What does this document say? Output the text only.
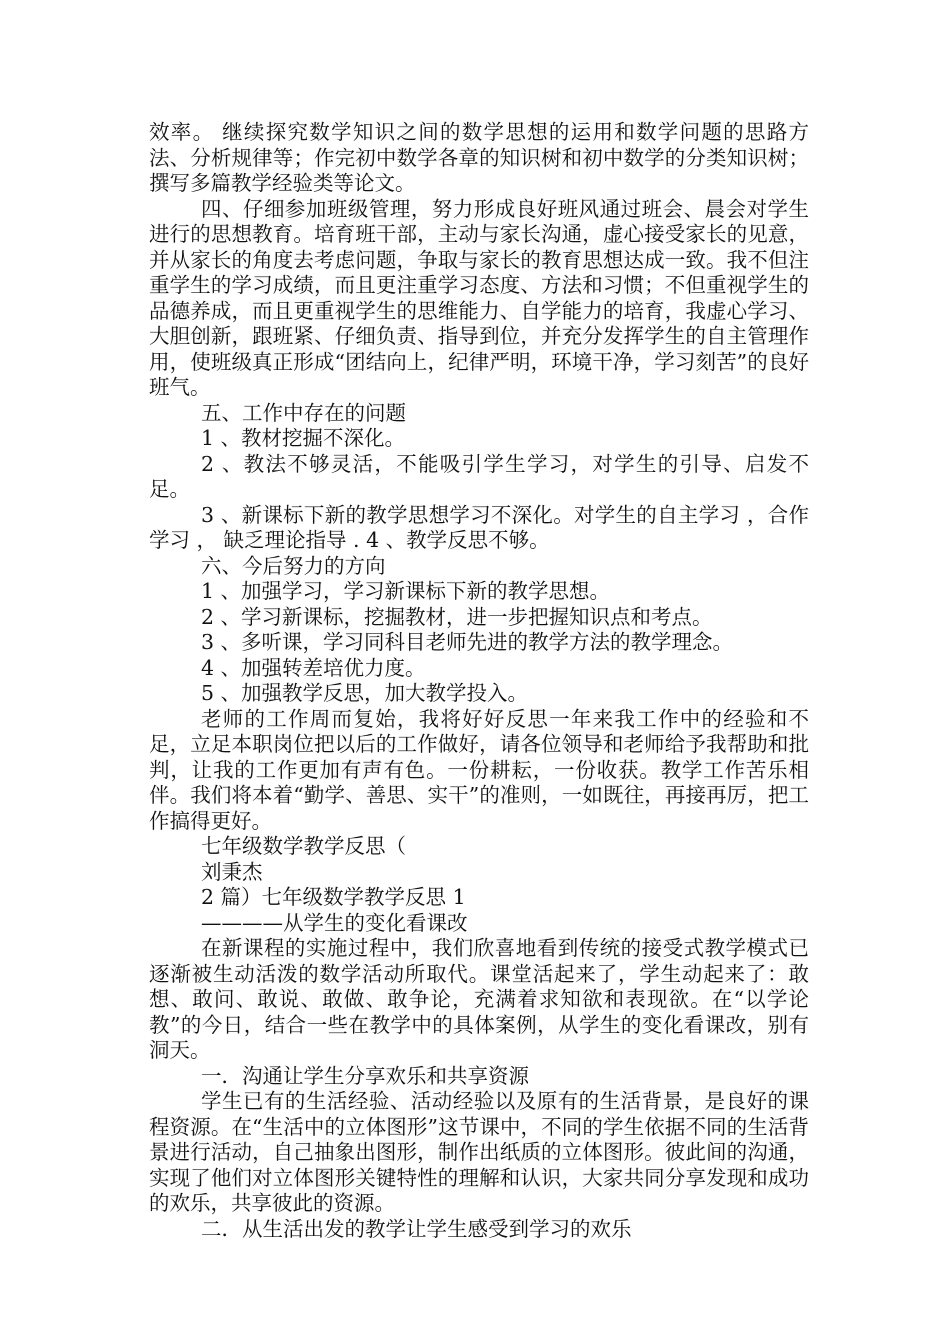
效率。 继续探究数学知识之间的数学思想的运用和数学问题的思路方法、分析规律等；作完初中数学各章的知识树和初中数学的分类知识树；撰写多篇教学经验类等论文。

四、仔细参加班级管理，努力形成良好班风通过班会、晨会对学生进行的思想教育。培育班干部，主动与家长沟通，虚心接受家长的见意，并从家长的角度去考虑问题，争取与家长的教育思想达成一致。我不但注重学生的学习成绩，而且更注重学习态度、方法和习惯；不但重视学生的品德养成，而且更重视学生的思维能力、自学能力的培育，我虚心学习、大胆创新，跟班紧、仔细负责、指导到位，并充分发挥学生的自主管理作用，使班级真正形成“团结向上，纪律严明，环境干净，学习刻苦”的良好班气。

五、工作中存在的问题

1 、教材挖掘不深化。

2 、教法不够灵活，不能吸引学生学习，对学生的引导、启发不足。

3 、新课标下新的教学思想学习不深化。对学生的自主学习 ，合作学习 ， 缺乏理论指导 . 4 、教学反思不够。

六、今后努力的方向

1 、加强学习，学习新课标下新的教学思想。

2 、学习新课标，挖掘教材，进一步把握知识点和考点。

3 、多听课，学习同科目老师先进的教学方法的教学理念。

4 、加强转差培优力度。

5 、加强教学反思，加大教学投入。

老师的工作周而复始，我将好好反思一年来我工作中的经验和不足，立足本职岗位把以后的工作做好，请各位领导和老师给予我帮助和批判，让我的工作更加有声有色。一份耕耘，一份收获。教学工作苦乐相伴。我们将本着“勤学、善思、实干”的准则，一如既往，再接再厉，把工作搞得更好。

七年级数学教学反思（

刘秉杰

2 篇）七年级数学教学反思 1

————从学生的变化看课改

在新课程的实施过程中，我们欣喜地看到传统的接受式教学模式已逐渐被生动活泼的数学活动所取代。课堂活起来了，学生动起来了：敢想、敢问、敢说、敢做、敢争论，充满着求知欲和表现欲。在“以学论教”的今日，结合一些在教学中的具体案例，从学生的变化看课改，别有洞天。

一．沟通让学生分享欢乐和共享资源

学生已有的生活经验、活动经验以及原有的生活背景，是良好的课程资源。在“生活中的立体图形”这节课中，不同的学生依据不同的生活背景进行活动，自己抽象出图形，制作出纸质的立体图形。彼此间的沟通，实现了他们对立体图形关键特性的理解和认识，大家共同分享发现和成功的欢乐，共享彼此的资源。

二．从生活出发的教学让学生感受到学习的欢乐
